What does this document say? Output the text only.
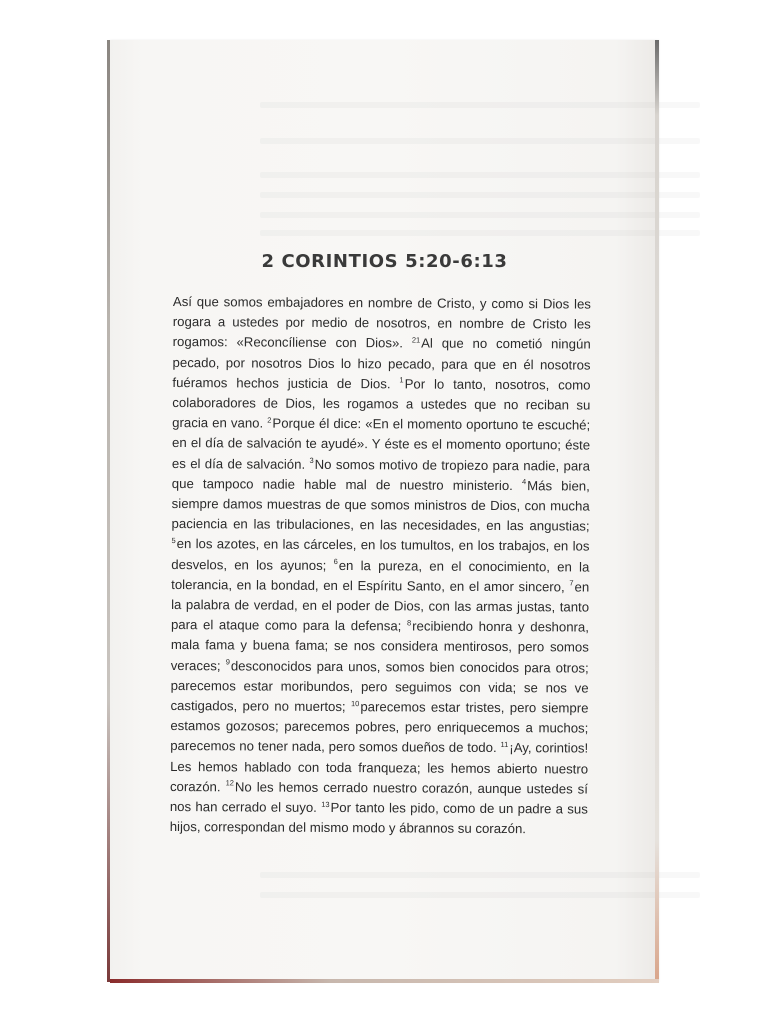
2 CORINTIOS 5:20-6:13

Así que somos embajadores en nombre de Cristo, y como si Dios les rogara a ustedes por medio de nosotros, en nombre de Cristo les rogamos: «Reconcíliense con Dios». $^{21}$Al que no cometió ningún pecado, por nosotros Dios lo hizo pecado, para que en él nosotros fuéramos hechos justicia de Dios. $^1$Por lo tanto, nosotros, como colaboradores de Dios, les rogamos a ustedes que no reciban su gracia en vano. $^2$Porque él dice: «En el momento oportuno te escuché; en el día de salvación te ayudé». Y éste es el momento oportuno; éste es el día de salvación. $^3$No somos motivo de tropiezo para nadie, para que tampoco nadie hable mal de nuestro ministerio. $^4$Más bien, siempre damos muestras de que somos ministros de Dios, con mucha paciencia en las tribulaciones, en las necesidades, en las angustias; $^5$en los azotes, en las cárceles, en los tumultos, en los trabajos, en los desvelos, en los ayunos; $^6$en la pureza, en el conocimiento, en la tolerancia, en la bondad, en el Espíritu Santo, en el amor sincero, $^7$en la palabra de verdad, en el poder de Dios, con las armas justas, tanto para el ataque como para la defensa; $^8$recibiendo honra y deshonra, mala fama y buena fama; se nos considera mentirosos, pero somos veraces; $^9$desconocidos para unos, somos bien conocidos para otros; parecemos estar moribundos, pero seguimos con vida; se nos ve castigados, pero no muertos; $^{10}$parecemos estar tristes, pero siempre estamos gozosos; parecemos pobres, pero enriquecemos a muchos; parecemos no tener nada, pero somos dueños de todo. $^{11}$¡Ay, corintios! Les hemos hablado con toda franqueza; les hemos abierto nuestro corazón. $^{12}$No les hemos cerrado nuestro corazón, aunque ustedes sí nos han cerrado el suyo. $^{13}$Por tanto les pido, como de un padre a sus hijos, correspondan del mismo modo y ábrannos su corazón.
